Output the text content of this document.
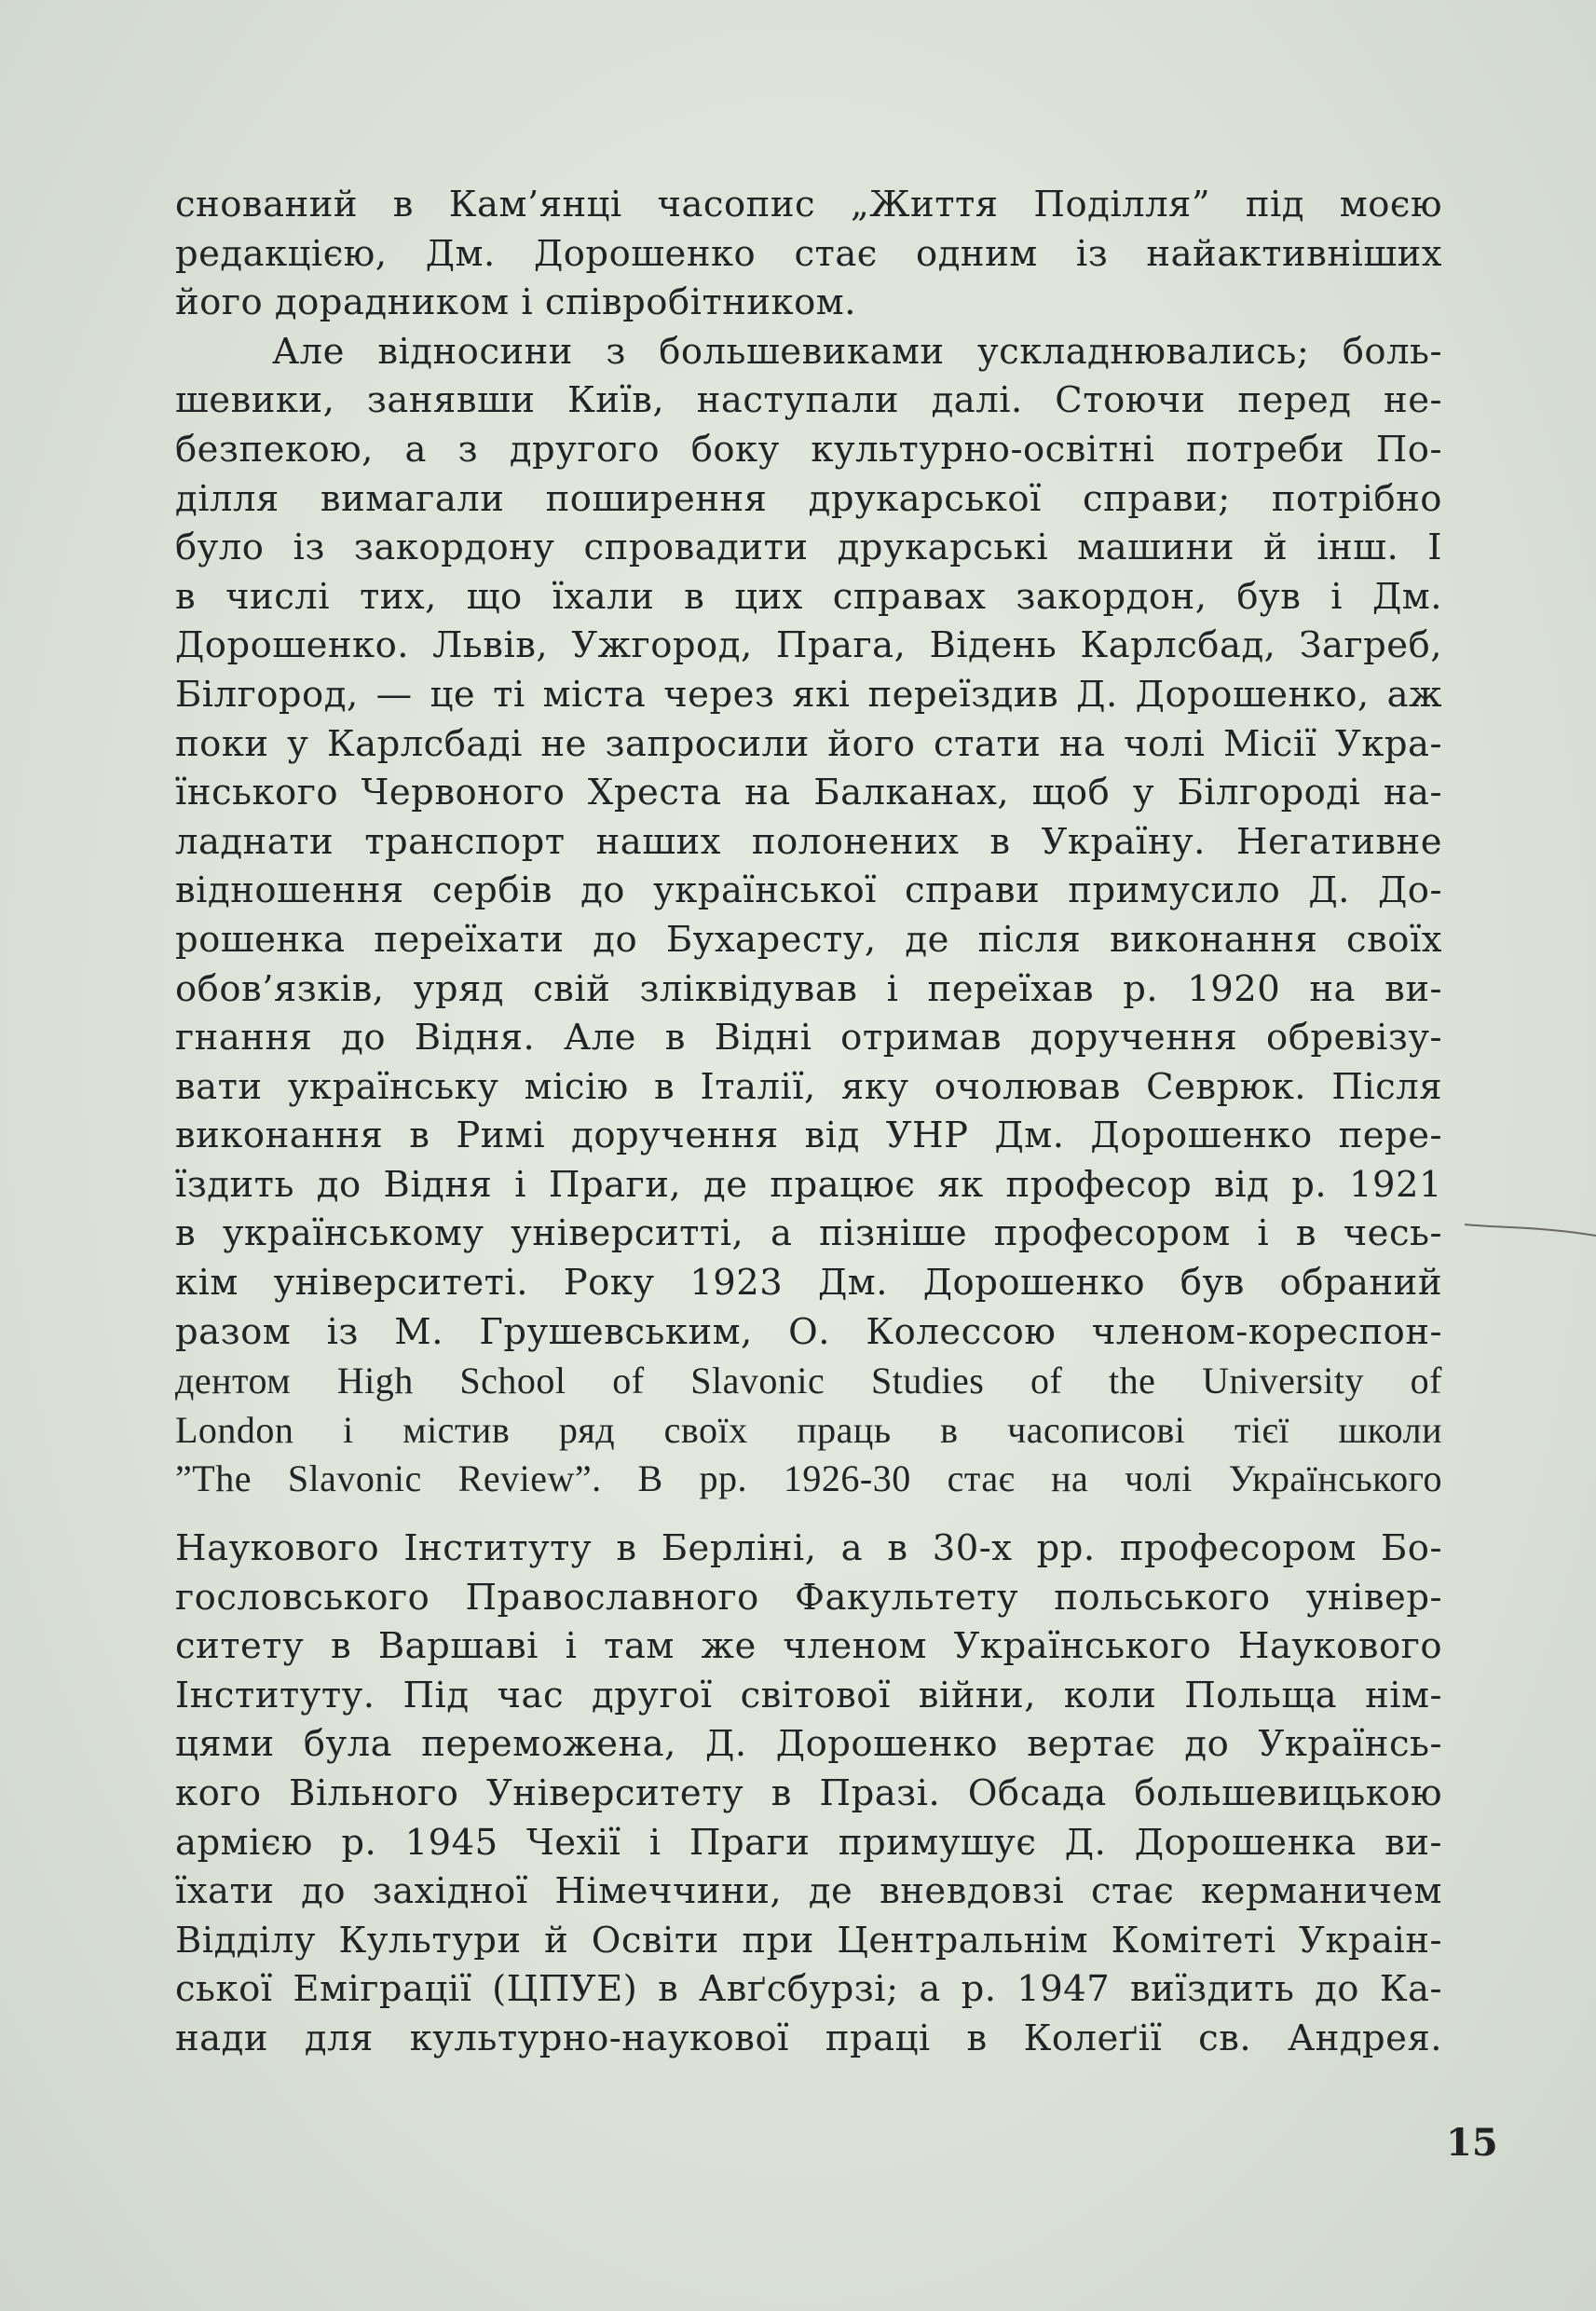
снований в Кам’янці часопис „Життя Поділля” під моєю
редакцією, Дм. Дорошенко стає одним із найактивніших
його дорадником і співробітником.
Але відносини з большевиками ускладнювались; боль-
шевики, занявши Київ, наступали далі. Стоючи перед не-
безпекою, а з другого боку культурно-освітні потреби По-
ділля вимагали поширення друкарської справи; потрібно
було із закордону спровадити друкарські машини й інш. І
в числі тих, що їхали в цих справах закордон, був і Дм.
Дорошенко. Львів, Ужгород, Прага, Відень Карлсбад, Загреб,
Білгород, — це ті міста через які переїздив Д. Дорошенко, аж
поки у Карлсбаді не запросили його стати на чолі Місії Укра-
їнського Червоного Хреста на Балканах, щоб у Білгороді на-
ладнати транспорт наших полонених в Україну. Негативне
відношення сербів до української справи примусило Д. До-
рошенка переїхати до Бухаресту, де після виконання своїх
обов’язків, уряд свій зліквідував і переїхав р. 1920 на ви-
гнання до Відня. Але в Відні отримав доручення обревізу-
вати українську місію в Італії, яку очолював Севрюк. Після
виконання в Римі доручення від УНР Дм. Дорошенко пере-
їздить до Відня і Праги, де працює як професор від р. 1921
в українському університті, а пізніше професором і в чесь-
кім університеті. Року 1923 Дм. Дорошенко був обраний
разом із М. Грушевським, О. Колессою членом-кореспон-
дентом High School of Slavonic Studies of the University of
London і містив ряд своїх праць в часописові тієї школи
”The Slavonic Review”. В рр. 1926-30 стає на чолі Українського
Наукового Інституту в Берліні, а в 30-х рр. професором Бо-
гословського Православного Факультету польського універ-
ситету в Варшаві і там же членом Українського Наукового
Інституту. Під час другої світової війни, коли Польща нім-
цями була переможена, Д. Дорошенко вертає до Українсь-
кого Вільного Університету в Празі. Обсада большевицькою
армією р. 1945 Чехії і Праги примушує Д. Дорошенка ви-
їхати до західної Німеччини, де вневдовзі стає керманичем
Відділу Культури й Освіти при Центральнім Комітеті Украін-
ської Еміграції (ЦПУЕ) в Авґсбурзі; а р. 1947 виїздить до Ка-
нади для культурно-наукової праці в Колеґії св. Андрея.
15
